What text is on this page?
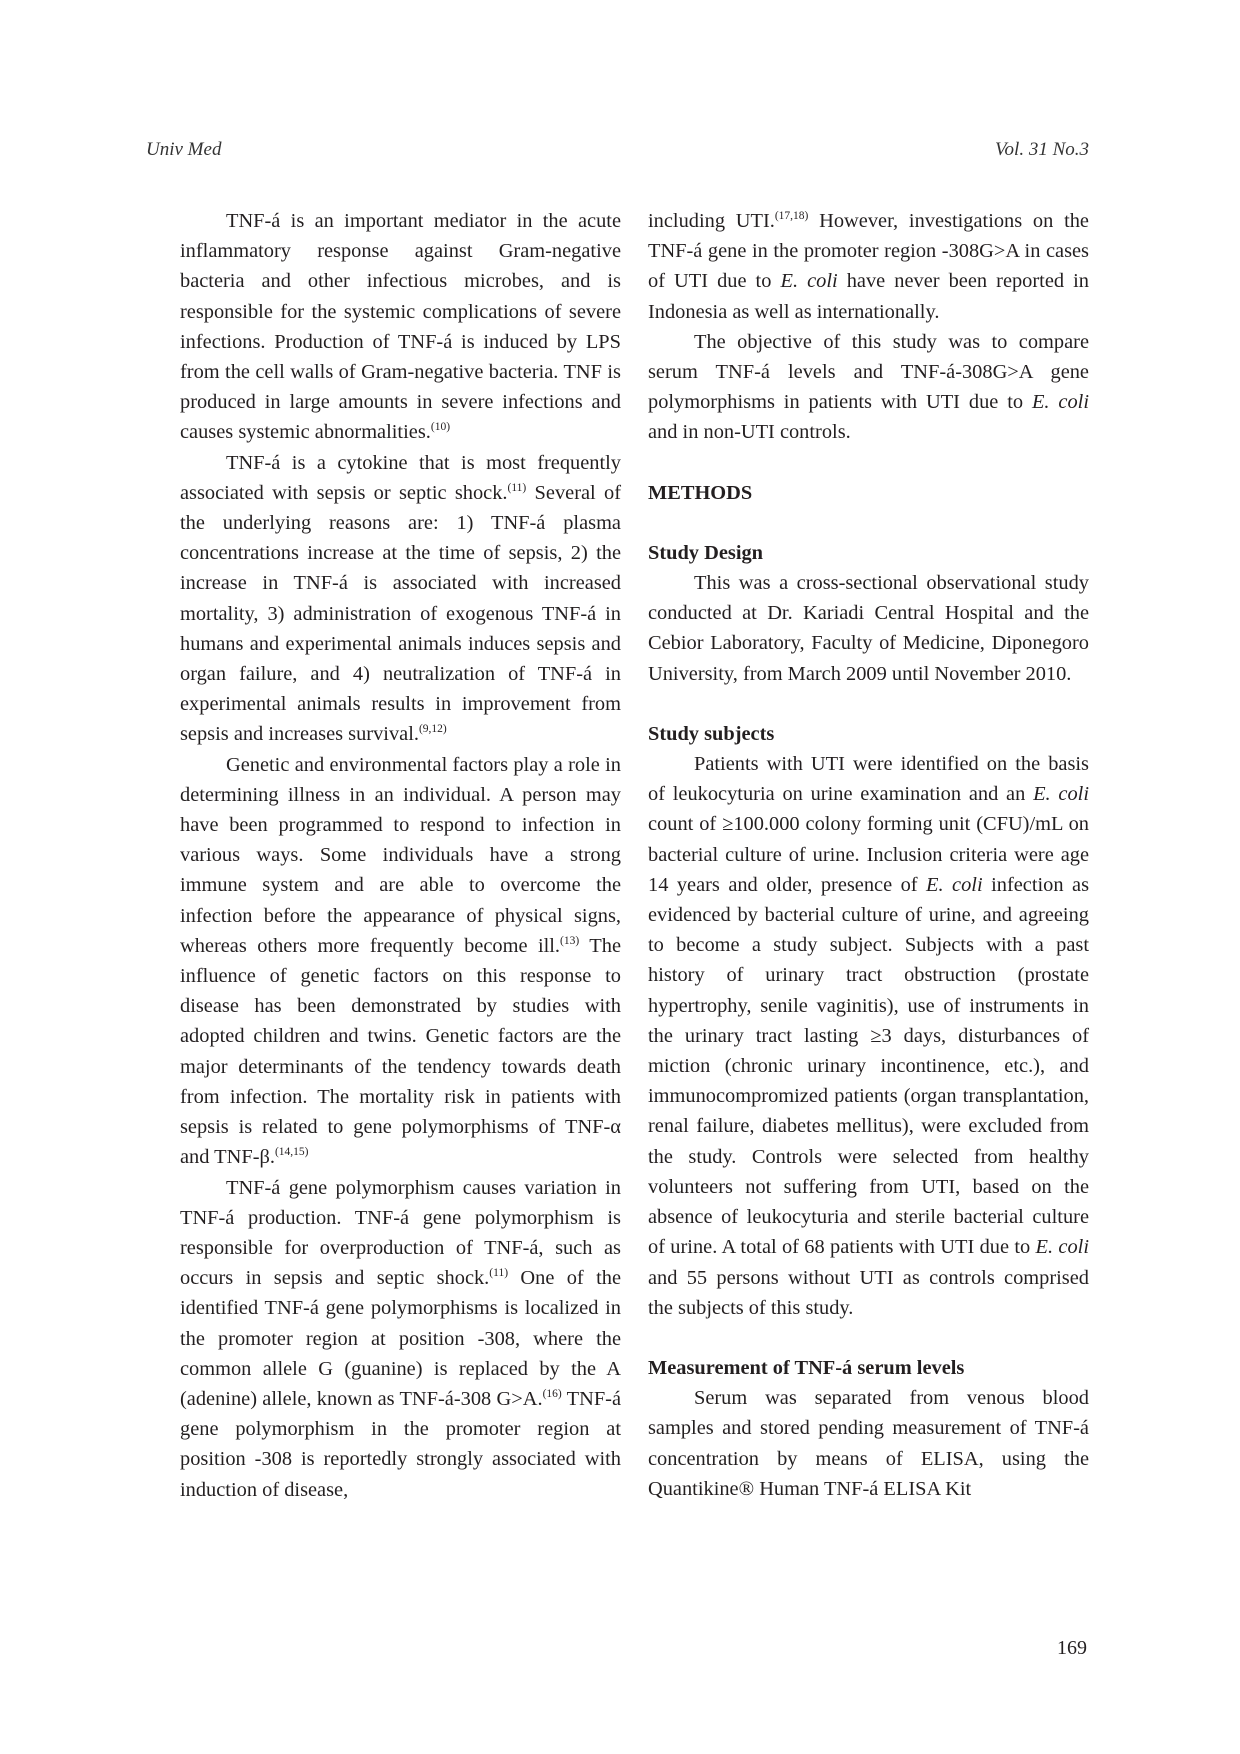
Univ Med	Vol. 31 No.3

TNF-á is an important mediator in the acute inflammatory response against Gram-negative bacteria and other infectious microbes, and is responsible for the systemic complications of severe infections. Production of TNF-á is induced by LPS from the cell walls of Gram-negative bacteria. TNF is produced in large amounts in severe infections and causes systemic abnormalities.$^{(10)}$

TNF-á is a cytokine that is most frequently associated with sepsis or septic shock.$^{(11)}$ Several of the underlying reasons are: 1) TNF-á plasma concentrations increase at the time of sepsis, 2) the increase in TNF-á is associated with increased mortality, 3) administration of exogenous TNF-á in humans and experimental animals induces sepsis and organ failure, and 4) neutralization of TNF-á in experimental animals results in improvement from sepsis and increases survival.$^{(9,12)}$

Genetic and environmental factors play a role in determining illness in an individual. A person may have been programmed to respond to infection in various ways. Some individuals have a strong immune system and are able to overcome the infection before the appearance of physical signs, whereas others more frequently become ill.$^{(13)}$ The influence of genetic factors on this response to disease has been demonstrated by studies with adopted children and twins. Genetic factors are the major determinants of the tendency towards death from infection. The mortality risk in patients with sepsis is related to gene polymorphisms of TNF-α and TNF-β.$^{(14,15)}$

TNF-á gene polymorphism causes variation in TNF-á production. TNF-á gene polymorphism is responsible for overproduction of TNF-á, such as occurs in sepsis and septic shock.$^{(11)}$ One of the identified TNF-á gene polymorphisms is localized in the promoter region at position -308, where the common allele G (guanine) is replaced by the A (adenine) allele, known as TNF-á-308 G>A.$^{(16)}$ TNF-á gene polymorphism in the promoter region at position -308 is reportedly strongly associated with induction of disease,

including UTI.$^{(17,18)}$ However, investigations on the TNF-á gene in the promoter region -308G>A in cases of UTI due to E. coli have never been reported in Indonesia as well as internationally.

The objective of this study was to compare serum TNF-á levels and TNF-á-308G>A gene polymorphisms in patients with UTI due to E. coli and in non-UTI controls.

METHODS
Study Design

This was a cross-sectional observational study conducted at Dr. Kariadi Central Hospital and the Cebior Laboratory, Faculty of Medicine, Diponegoro University, from March 2009 until November 2010.

Study subjects

Patients with UTI were identified on the basis of leukocyturia on urine examination and an E. coli count of ≥100.000 colony forming unit (CFU)/mL on bacterial culture of urine. Inclusion criteria were age 14 years and older, presence of E. coli infection as evidenced by bacterial culture of urine, and agreeing to become a study subject. Subjects with a past history of urinary tract obstruction (prostate hypertrophy, senile vaginitis), use of instruments in the urinary tract lasting ≥3 days, disturbances of miction (chronic urinary incontinence, etc.), and immunocompromized patients (organ transplantation, renal failure, diabetes mellitus), were excluded from the study. Controls were selected from healthy volunteers not suffering from UTI, based on the absence of leukocyturia and sterile bacterial culture of urine. A total of 68 patients with UTI due to E. coli and 55 persons without UTI as controls comprised the subjects of this study.

Measurement of TNF-á serum levels

Serum was separated from venous blood samples and stored pending measurement of TNF-á concentration by means of ELISA, using the Quantikine® Human TNF-á ELISA Kit

169
